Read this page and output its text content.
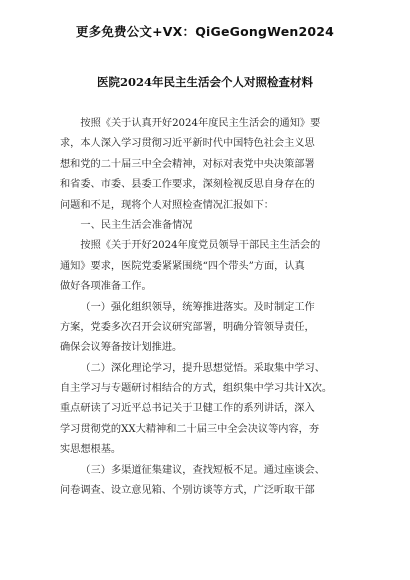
更多免费公文+VX：QiGeGongWen2024
医院2024年民主生活会个人对照检查材料
按照《关于认真开好2024年度民主生活会的通知》要
求，本人深入学习贯彻习近平新时代中国特色社会主义思
想和党的二十届三中全会精神，对标对表党中央决策部署
和省委、市委、县委工作要求，深刻检视反思自身存在的
问题和不足，现将个人对照检查情况汇报如下：
一、民主生活会准备情况
按照《关于开好2024年度党员领导干部民主生活会的
通知》要求，医院党委紧紧围绕“四个带头”方面，认真
做好各项准备工作。
（一）强化组织领导，统筹推进落实。及时制定工作
方案，党委多次召开会议研究部署，明确分管领导责任，
确保会议筹备按计划推进。
（二）深化理论学习，提升思想觉悟。采取集中学习、
自主学习与专题研讨相结合的方式，组织集中学习共计X次。
重点研读了习近平总书记关于卫健工作的系列讲话，深入
学习贯彻党的XX大精神和二十届三中全会决议等内容，夯
实思想根基。
（三）多渠道征集建议，查找短板不足。通过座谈会、
问卷调查、设立意见箱、个别访谈等方式，广泛听取干部
